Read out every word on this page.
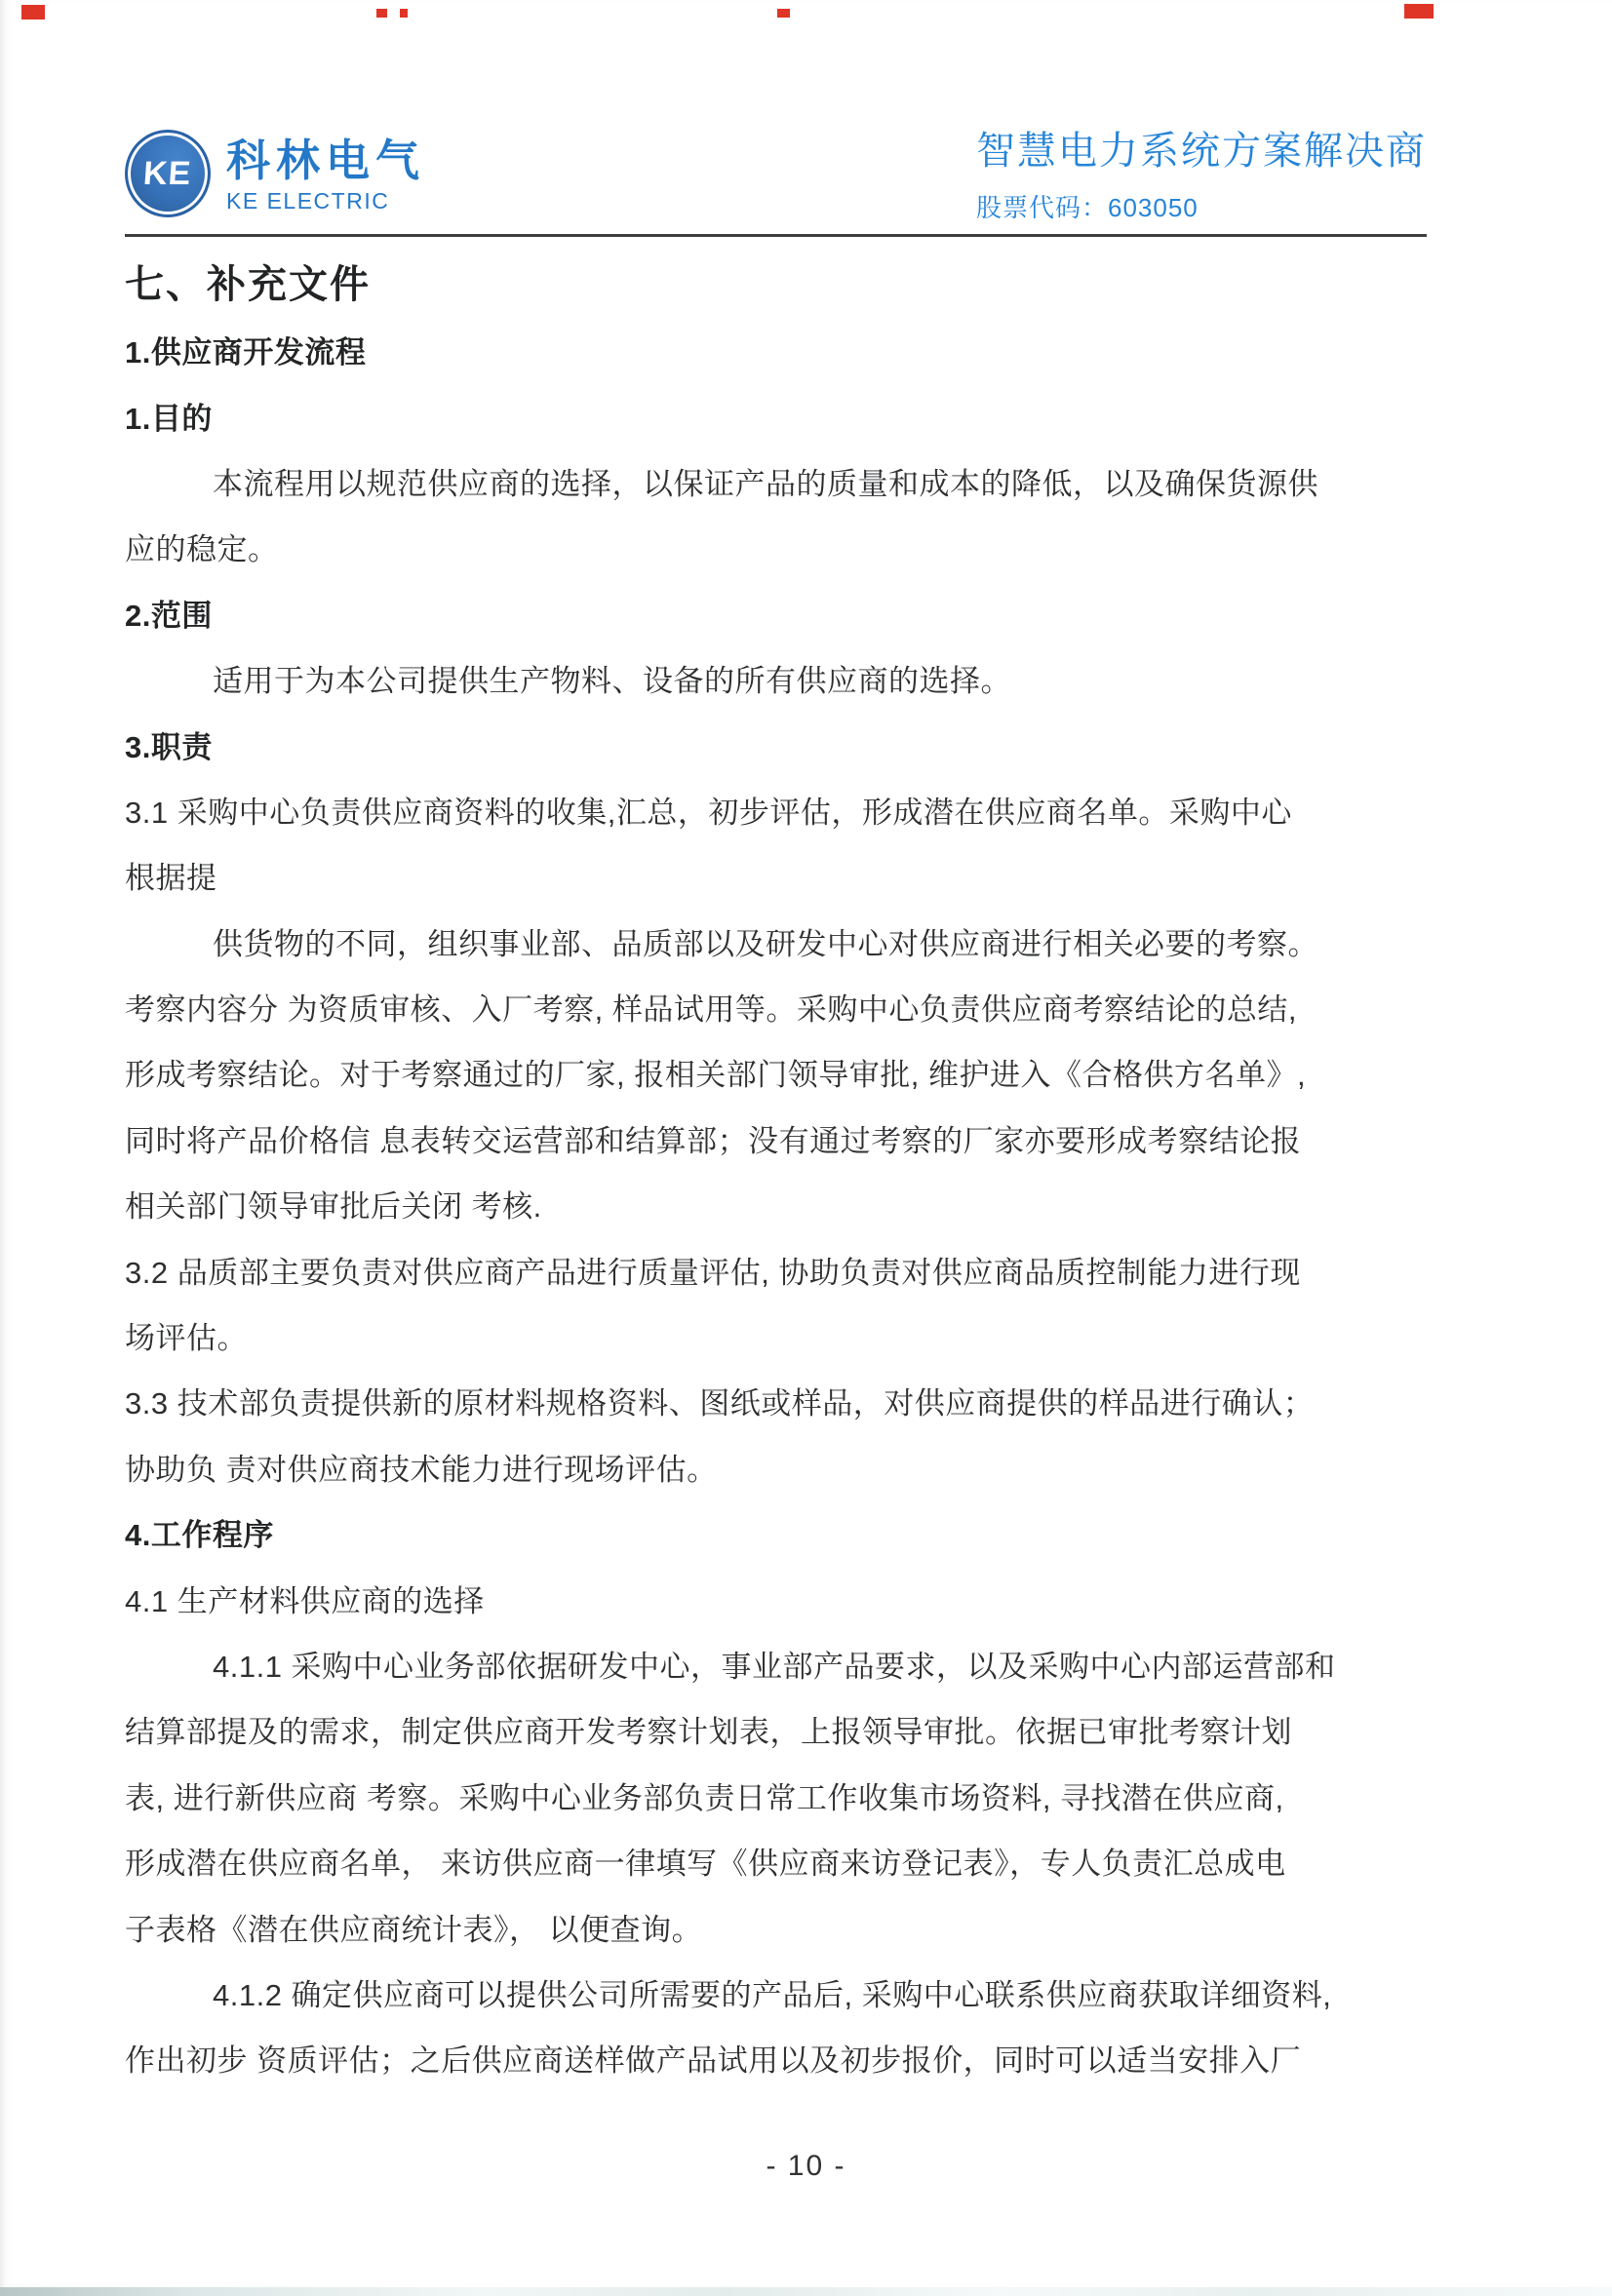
KE 科林电气
KE ELECTRIC
智慧电力系统方案解决商
股票代码：603050
七、补充文件
1.供应商开发流程
1.目的
本流程用以规范供应商的选择，以保证产品的质量和成本的降低，以及确保货源供
应的稳定。
2.范围
适用于为本公司提供生产物料、设备的所有供应商的选择。
3.职责
3.1 采购中心负责供应商资料的收集,汇总，初步评估，形成潜在供应商名单。采购中心
根据提
供货物的不同，组织事业部、品质部以及研发中心对供应商进行相关必要的考察。
考察内容分 为资质审核、入厂考察, 样品试用等。采购中心负责供应商考察结论的总结,
形成考察结论。对于考察通过的厂家, 报相关部门领导审批, 维护进入《合格供方名单》,
同时将产品价格信 息表转交运营部和结算部；没有通过考察的厂家亦要形成考察结论报
相关部门领导审批后关闭 考核.
3.2 品质部主要负责对供应商产品进行质量评估, 协助负责对供应商品质控制能力进行现
场评估。
3.3 技术部负责提供新的原材料规格资料、图纸或样品，对供应商提供的样品进行确认；
协助负 责对供应商技术能力进行现场评估。
4.工作程序
4.1 生产材料供应商的选择
4.1.1 采购中心业务部依据研发中心，事业部产品要求，以及采购中心内部运营部和
结算部提及的需求，制定供应商开发考察计划表，上报领导审批。依据已审批考察计划
表, 进行新供应商 考察。采购中心业务部负责日常工作收集市场资料, 寻找潜在供应商,
形成潜在供应商名单， 来访供应商一律填写《供应商来访登记表》，专人负责汇总成电
子表格《潜在供应商统计表》， 以便查询。
4.1.2 确定供应商可以提供公司所需要的产品后, 采购中心联系供应商获取详细资料,
作出初步 资质评估；之后供应商送样做产品试用以及初步报价，同时可以适当安排入厂
- 10 -
